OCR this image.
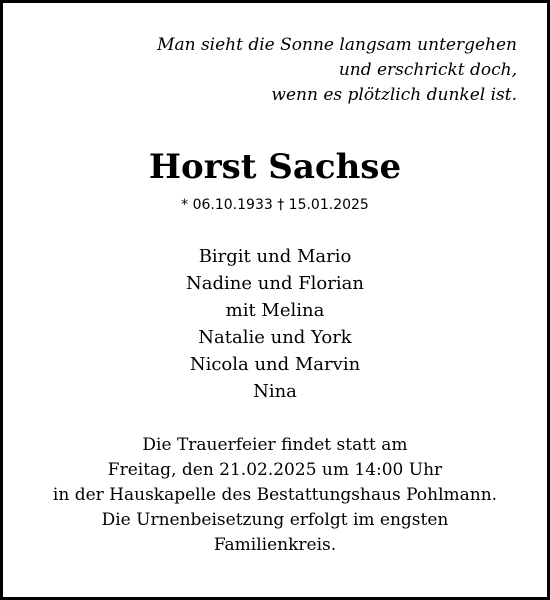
Man sieht die Sonne langsam untergehen
und erschrickt doch,
wenn es plötzlich dunkel ist.
Horst Sachse

* 06.10.1933 † 15.01.2025

Birgit und Mario
Nadine und Florian
mit Melina
Natalie und York
Nicola und Marvin
Nina
Die Trauerfeier findet statt am
Freitag, den 21.02.2025 um 14:00 Uhr
in der Hauskapelle des Bestattungshaus Pohlmann.
Die Urnenbeisetzung erfolgt im engsten
Familienkreis.
